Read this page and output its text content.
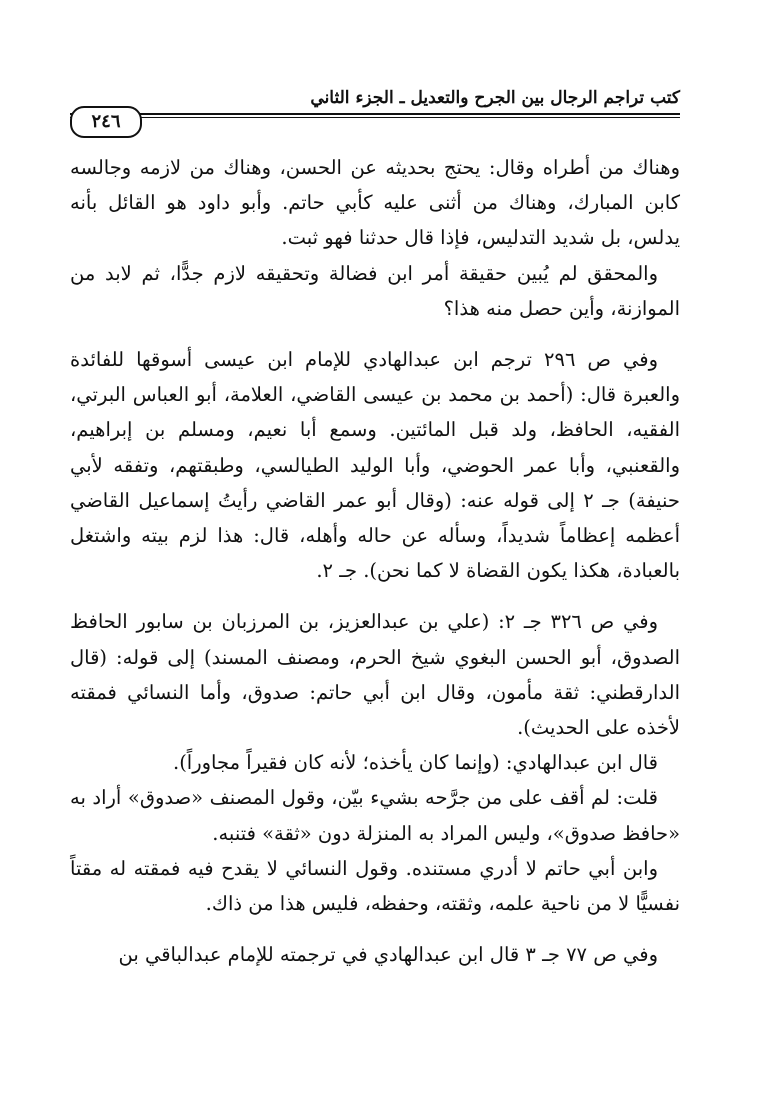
كتب تراجم الرجال بين الجرح والتعديل ـ الجزء الثاني
٢٤٦

وهناك من أطراه وقال: يحتج بحديثه عن الحسن، وهناك من لازمه وجالسه كابن المبارك، وهناك من أثنى عليه كأبي حاتم. وأبو داود هو القائل بأنه يدلس، بل شديد التدليس، فإذا قال حدثنا فهو ثبت.

والمحقق لم يُبين حقيقة أمر ابن فضالة وتحقيقه لازم جدًّا، ثم لابد من الموازنة، وأين حصل منه هذا؟

وفي ص ٢٩٦ ترجم ابن عبدالهادي للإمام ابن عيسى أسوقها للفائدة والعبرة قال: (أحمد بن محمد بن عيسى القاضي، العلامة، أبو العباس البرتي، الفقيه، الحافظ، ولد قبل المائتين. وسمع أبا نعيم، ومسلم بن إبراهيم، والقعنبي، وأبا عمر الحوضي، وأبا الوليد الطيالسي، وطبقتهم، وتفقه لأبي حنيفة) جـ ٢ إلى قوله عنه: (وقال أبو عمر القاضي رأيتُ إسماعيل القاضي أعظمه إعظاماً شديداً، وسأله عن حاله وأهله، قال: هذا لزم بيته واشتغل بالعبادة، هكذا يكون القضاة لا كما نحن). جـ ٢.

وفي ص ٣٢٦ جـ ٢: (علي بن عبدالعزيز، بن المرزبان بن سابور الحافظ الصدوق، أبو الحسن البغوي شيخ الحرم، ومصنف المسند) إلى قوله: (قال الدارقطني: ثقة مأمون، وقال ابن أبي حاتم: صدوق، وأما النسائي فمقته لأخذه على الحديث).

قال ابن عبدالهادي: (وإنما كان يأخذه؛ لأنه كان فقيراً مجاوراً).

قلت: لم أقف على من جرَّحه بشيء بيّن، وقول المصنف «صدوق» أراد به «حافظ صدوق»، وليس المراد به المنزلة دون «ثقة» فتنبه.

وابن أبي حاتم لا أدري مستنده. وقول النسائي لا يقدح فيه فمقته له مقتاً نفسيًّا لا من ناحية علمه، وثقته، وحفظه، فليس هذا من ذاك.

وفي ص ٧٧ جـ ٣ قال ابن عبدالهادي في ترجمته للإمام عبدالباقي بن
